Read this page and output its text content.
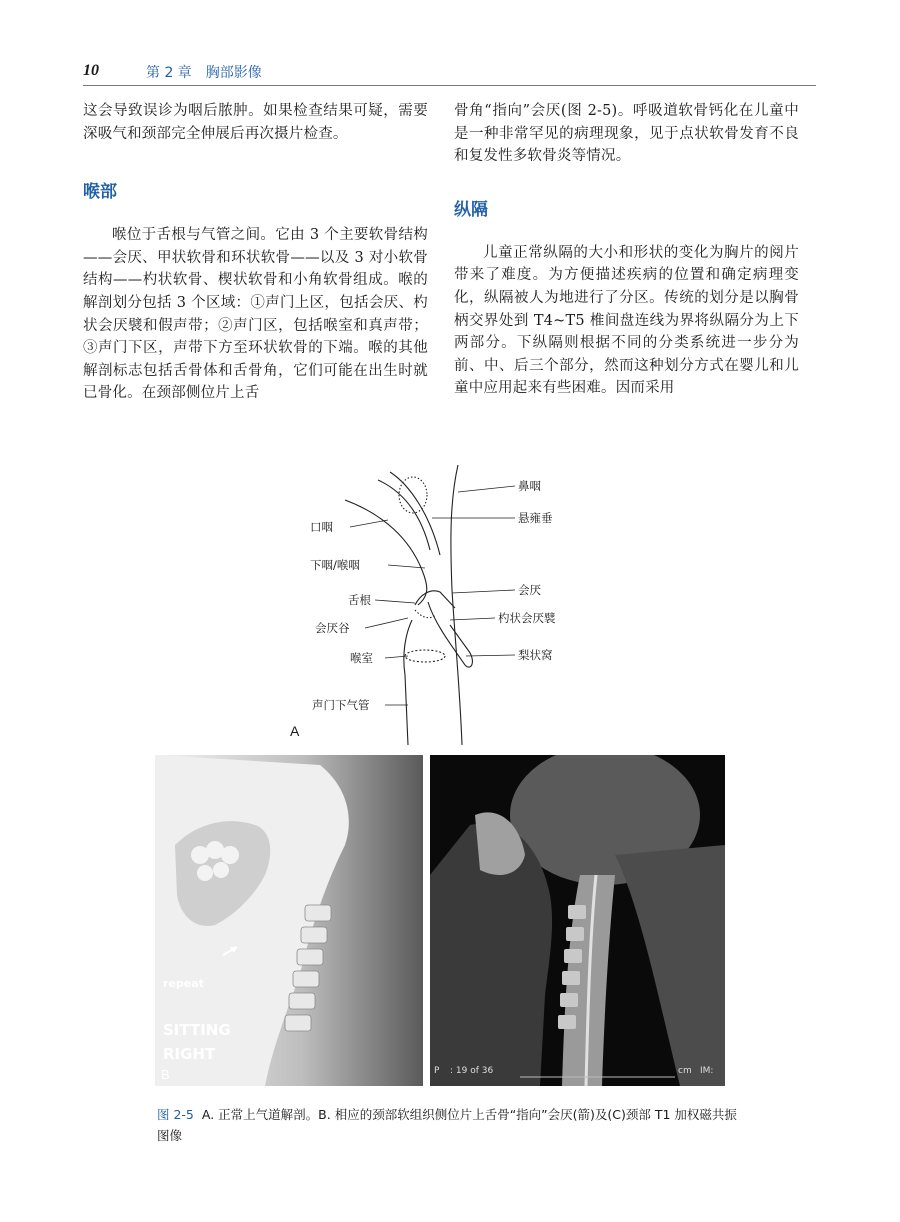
10	第 2 章　胸部影像

这会导致误诊为咽后脓肿。如果检查结果可疑，需要深吸气和颈部完全伸展后再次摄片检查。

喉部

喉位于舌根与气管之间。它由 3 个主要软骨结构——会厌、甲状软骨和环状软骨——以及 3 对小软骨结构——杓状软骨、楔状软骨和小角软骨组成。喉的解剖划分包括 3 个区域：①声门上区，包括会厌、杓状会厌襞和假声带；②声门区，包括喉室和真声带；③声门下区，声带下方至环状软骨的下端。喉的其他解剖标志包括舌骨体和舌骨角，它们可能在出生时就已骨化。在颈部侧位片上舌

骨角“指向”会厌(图 2-5)。呼吸道软骨钙化在儿童中是一种非常罕见的病理现象，见于点状软骨发育不良和复发性多软骨炎等情况。

纵隔

儿童正常纵隔的大小和形状的变化为胸片的阅片带来了难度。为方便描述疾病的位置和确定病理变化，纵隔被人为地进行了分区。传统的划分是以胸骨柄交界处到 T4~T5 椎间盘连线为界将纵隔分为上下两部分。下纵隔则根据不同的分类系统进一步分为前、中、后三个部分，然而这种划分方式在婴儿和儿童中应用起来有些困难。因而采用

鼻咽
悬雍垂
口咽
下咽/喉咽
会厌
舌根
杓状会厌襞
会厌谷
梨状窝
喉室
声门下气管
A
repeat
SITTING
RIGHT
B	P : 19 of 36	cm IM:
图 2-5 A. 正常上气道解剖。B. 相应的颈部软组织侧位片上舌骨“指向”会厌(箭)及(C)颈部 T1 加权磁共振图像
